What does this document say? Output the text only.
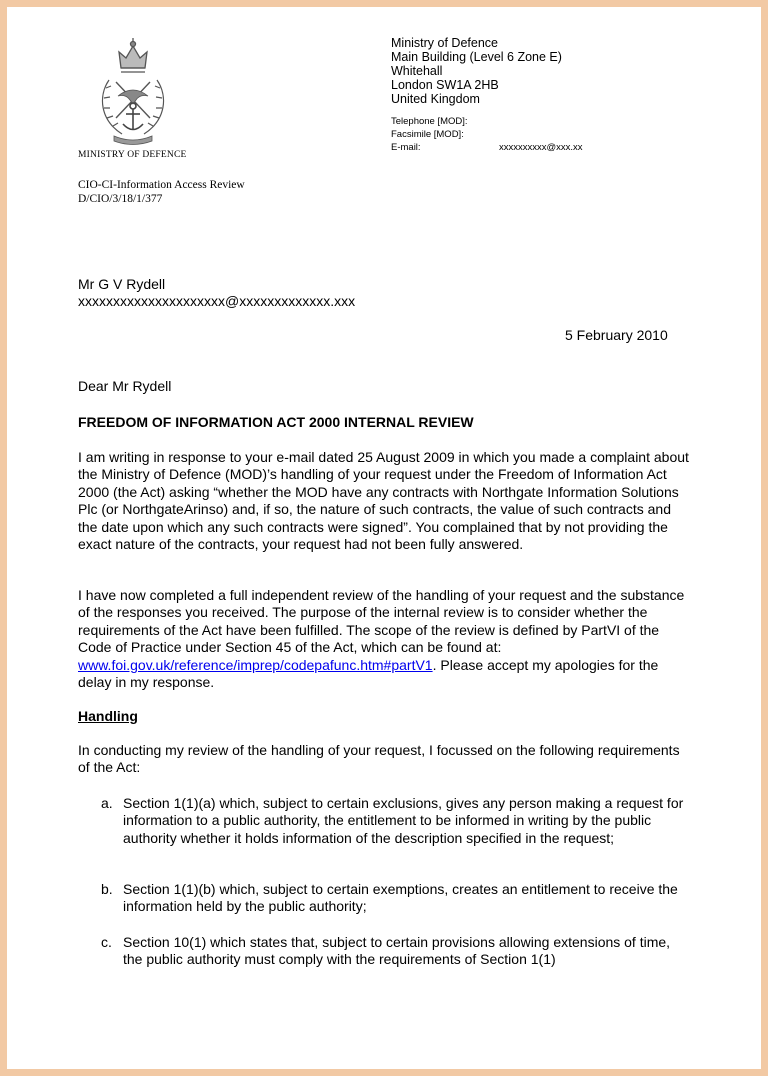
MINISTRY OF DEFENCE
Ministry of Defence
Main Building (Level 6 Zone E)
Whitehall
London SW1A 2HB
United Kingdom
Telephone [MOD]:
Facsimile [MOD]:
E-mail:	xxxxxxxxxx@xxx.xx
CIO-CI-Information Access Review
D/CIO/3/18/1/377
Mr G V Rydell
xxxxxxxxxxxxxxxxxxxxx@xxxxxxxxxxxxx.xxx
5 February 2010
Dear Mr Rydell
FREEDOM OF INFORMATION ACT 2000 INTERNAL REVIEW

I am writing in response to your e-mail dated 25 August 2009 in which you made a complaint about the Ministry of Defence (MOD)’s handling of your request under the Freedom of Information Act 2000 (the Act) asking “whether the MOD have any contracts with Northgate Information Solutions Plc (or NorthgateArinso) and, if so, the nature of such contracts, the value of such contracts and the date upon which any such contracts were signed”. You complained that by not providing the exact nature of the contracts, your request had not been fully answered.

I have now completed a full independent review of the handling of your request and the substance of the responses you received. The purpose of the internal review is to consider whether the requirements of the Act have been fulfilled. The scope of the review is defined by PartVI of the Code of Practice under Section 45 of the Act, which can be found at: www.foi.gov.uk/reference/imprep/codepafunc.htm#partV1. Please accept my apologies for the delay in my response.

Handling

In conducting my review of the handling of your request, I focussed on the following requirements of the Act:

a. Section 1(1)(a) which, subject to certain exclusions, gives any person making a request for information to a public authority, the entitlement to be informed in writing by the public authority whether it holds information of the description specified in the request;
b. Section 1(1)(b) which, subject to certain exemptions, creates an entitlement to receive the information held by the public authority;
c. Section 10(1) which states that, subject to certain provisions allowing extensions of time, the public authority must comply with the requirements of Section 1(1)
